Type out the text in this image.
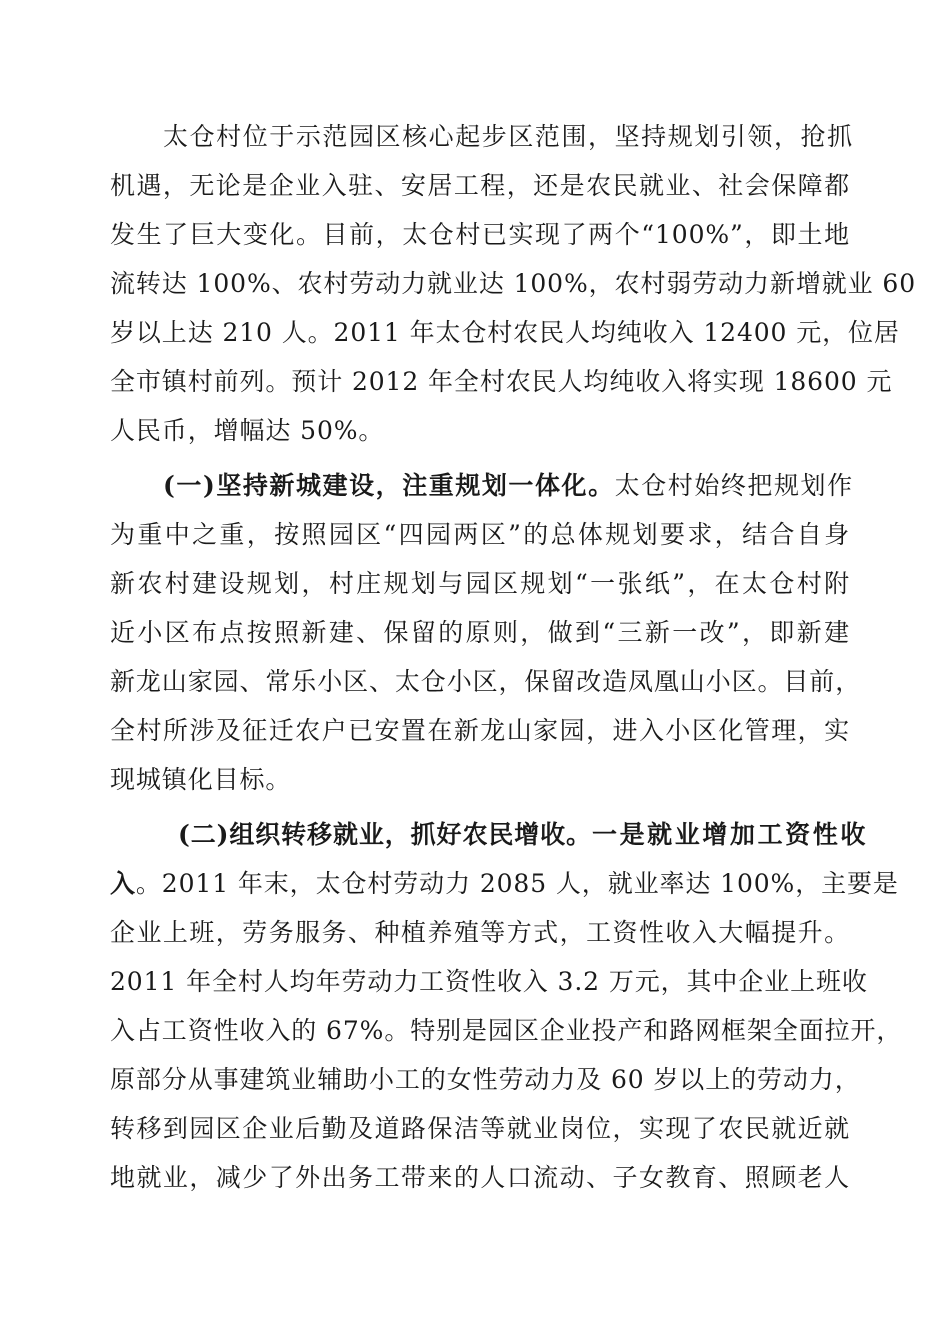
太仓村位于示范园区核心起步区范围，坚持规划引领，抢抓
机遇，无论是企业入驻、安居工程，还是农民就业、社会保障都
发生了巨大变化。目前，太仓村已实现了两个“100%”，即土地
流转达 100%、农村劳动力就业达 100%，农村弱劳动力新增就业 60
岁以上达 210 人。2011 年太仓村农民人均纯收入 12400 元，位居
全市镇村前列。预计 2012 年全村农民人均纯收入将实现 18600 元
人民币，增幅达 50%。
(一)坚持新城建设，注重规划一体化。太仓村始终把规划作
为重中之重，按照园区“四园两区”的总体规划要求，结合自身
新农村建设规划，村庄规划与园区规划“一张纸”，在太仓村附
近小区布点按照新建、保留的原则，做到“三新一改”，即新建
新龙山家园、常乐小区、太仓小区，保留改造凤凰山小区。目前，
全村所涉及征迁农户已安置在新龙山家园，进入小区化管理，实
现城镇化目标。
(二)组织转移就业，抓好农民增收。一是就业增加工资性收
入。2011 年末，太仓村劳动力 2085 人，就业率达 100%，主要是
企业上班，劳务服务、种植养殖等方式，工资性收入大幅提升。
2011 年全村人均年劳动力工资性收入 3.2 万元，其中企业上班收
入占工资性收入的 67%。特别是园区企业投产和路网框架全面拉开，
原部分从事建筑业辅助小工的女性劳动力及 60 岁以上的劳动力，
转移到园区企业后勤及道路保洁等就业岗位，实现了农民就近就
地就业，减少了外出务工带来的人口流动、子女教育、照顾老人
